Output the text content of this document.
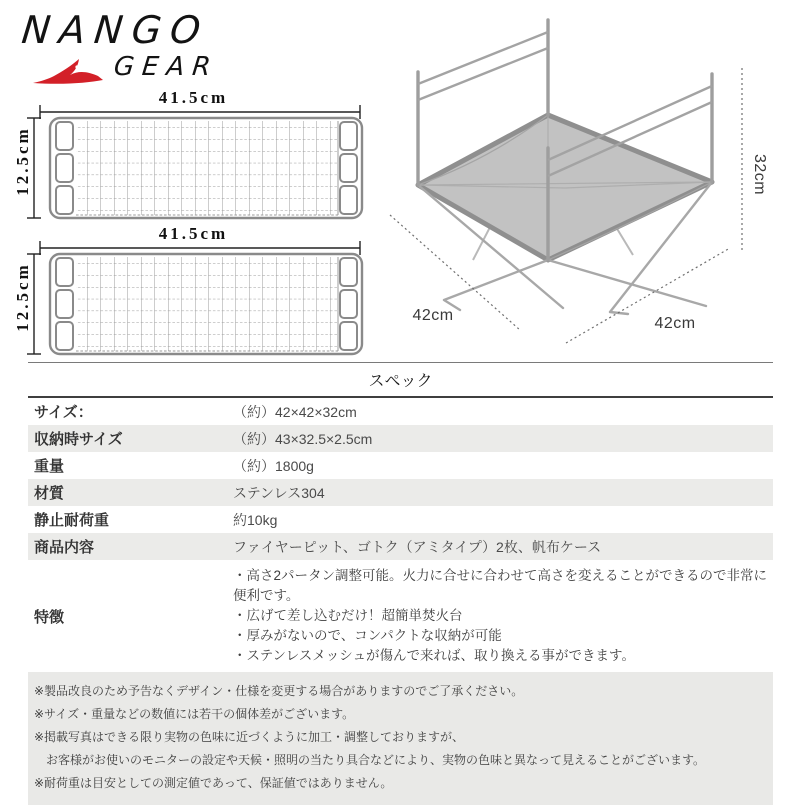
NANGO
GEAR
41.5cm
12.5cm
41.5cm
12.5cm	42cm	42cm
32cm
スペック
サイズ：	（約）42×42×32cm
収納時サイズ	（約）43×32.5×2.5cm
重量	（約）1800g
材質	ステンレス304
静止耐荷重	約10kg
商品内容	ファイヤーピット、ゴトク（アミタイプ）2枚、帆布ケース
特徴
・高さ2パータン調整可能。火力に合せに合わせて高さを変えることができるので非常に便利です。
・広げて差し込むだけ！超簡単焚火台
・厚みがないので、コンパクトな収納が可能
・ステンレスメッシュが傷んで来れば、取り換える事ができます。
※製品改良のため予告なくデザイン・仕様を変更する場合がありますのでご了承ください。
※サイズ・重量などの数値には若干の個体差がございます。
※掲載写真はできる限り実物の色味に近づくように加工・調整しておりますが、
　お客様がお使いのモニターの設定や天候・照明の当たり具合などにより、実物の色味と異なって見えることがございます。
※耐荷重は目安としての測定値であって、保証値ではありません。
